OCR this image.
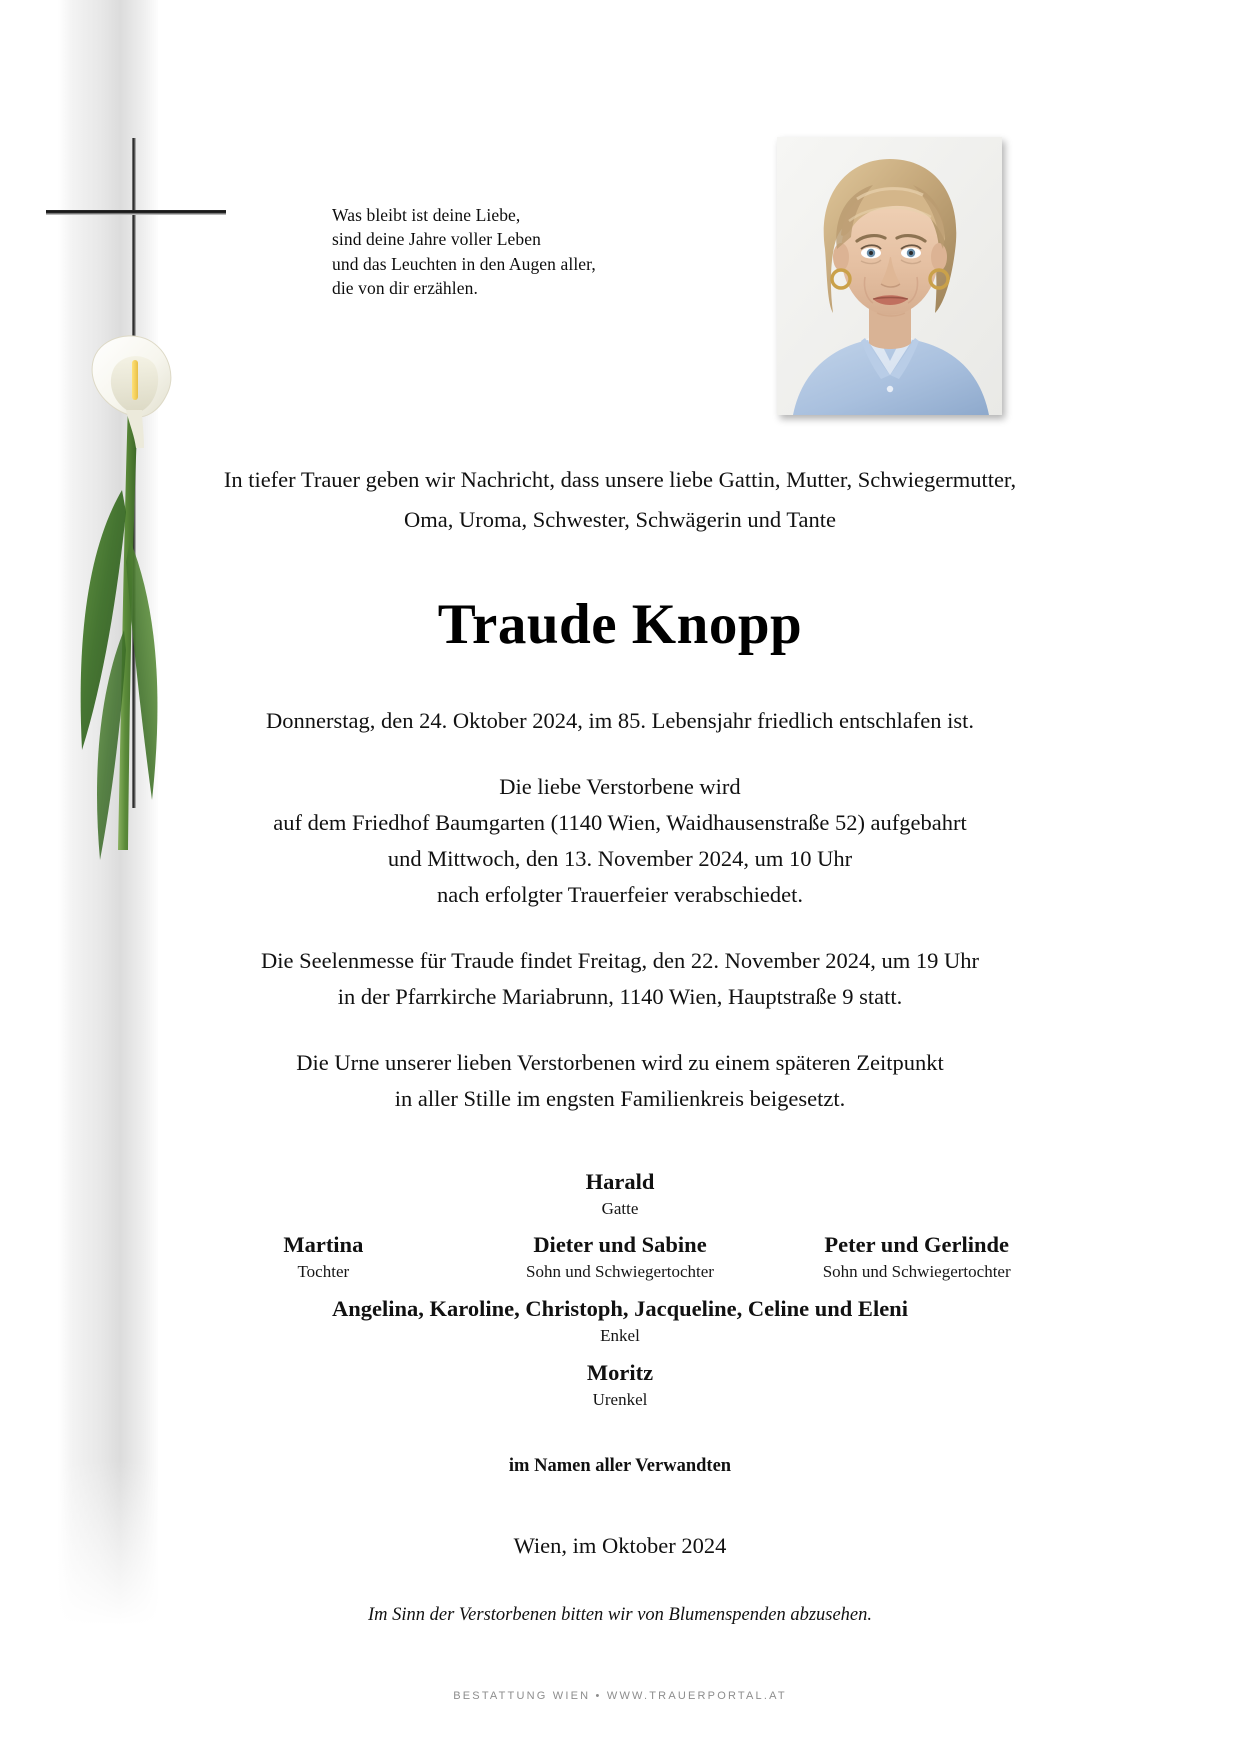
Was bleibt ist deine Liebe,
sind deine Jahre voller Leben
und das Leuchten in den Augen aller,
die von dir erzählen.
In tiefer Trauer geben wir Nachricht, dass unsere liebe Gattin, Mutter, Schwiegermutter,
Oma, Uroma, Schwester, Schwägerin und Tante
Traude Knopp
Donnerstag, den 24. Oktober 2024, im 85. Lebensjahr friedlich entschlafen ist.
Die liebe Verstorbene wird
auf dem Friedhof Baumgarten (1140 Wien, Waidhausenstraße 52) aufgebahrt
und Mittwoch, den 13. November 2024, um 10 Uhr
nach erfolgter Trauerfeier verabschiedet.
Die Seelenmesse für Traude findet Freitag, den 22. November 2024, um 19 Uhr
in der Pfarrkirche Mariabrunn, 1140 Wien, Hauptstraße 9 statt.
Die Urne unserer lieben Verstorbenen wird zu einem späteren Zeitpunkt
in aller Stille im engsten Familienkreis beigesetzt.
Harald
Gatte
Martina
Tochter
Dieter und Sabine
Sohn und Schwiegertochter
Peter und Gerlinde
Sohn und Schwiegertochter
Angelina, Karoline, Christoph, Jacqueline, Celine und Eleni
Enkel
Moritz
Urenkel
im Namen aller Verwandten
Wien, im Oktober 2024
Im Sinn der Verstorbenen bitten wir von Blumenspenden abzusehen.
BESTATTUNG WIEN • WWW.TRAUERPORTAL.AT
